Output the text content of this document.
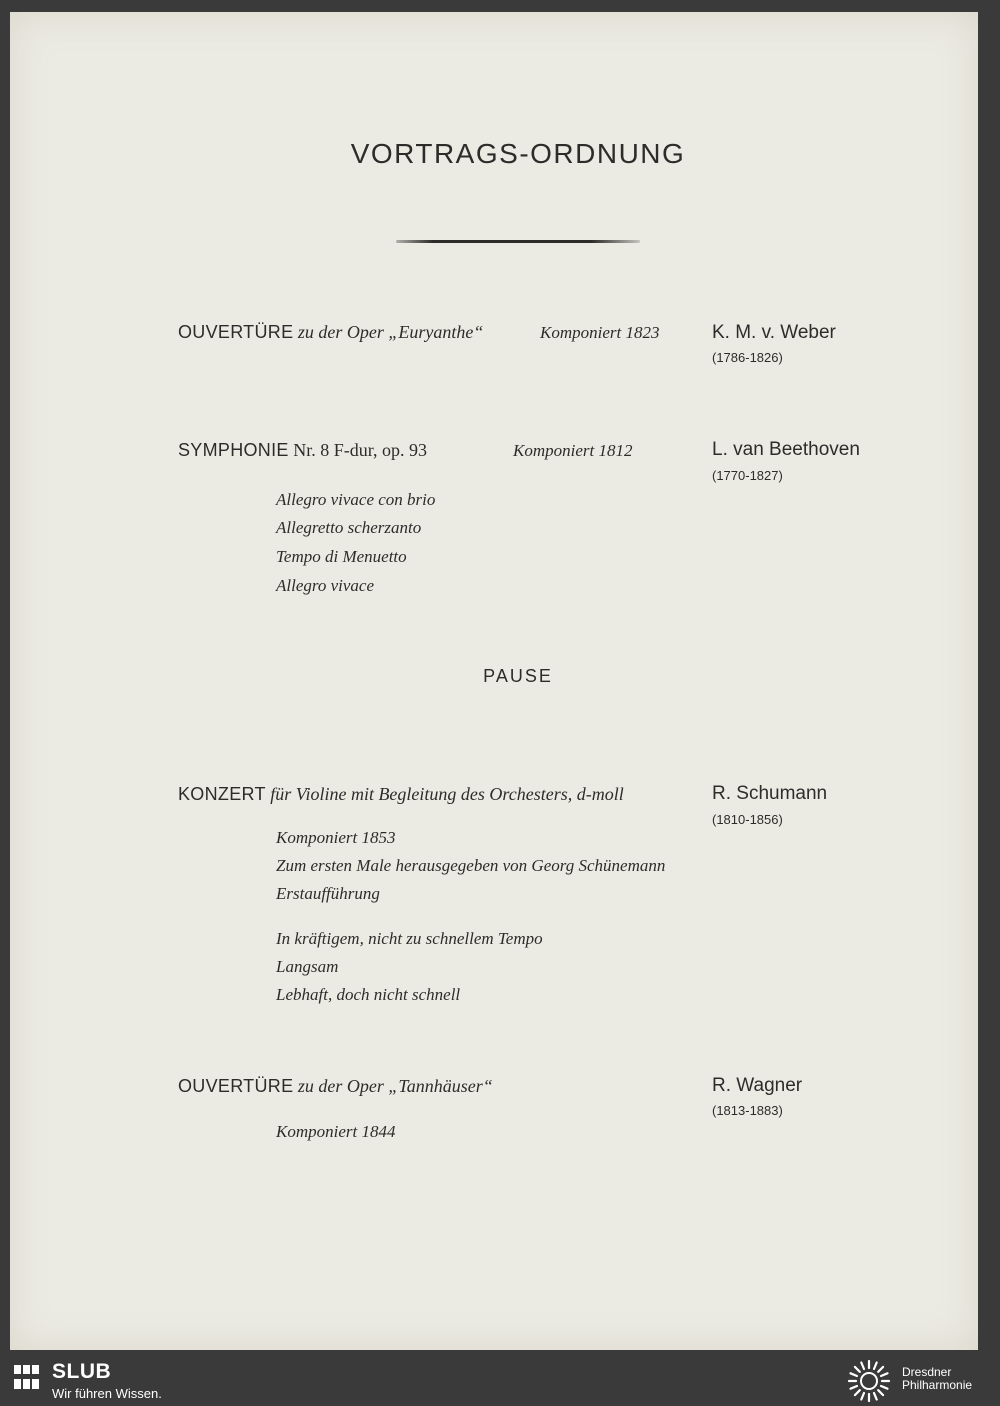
VORTRAGS-ORDNUNG
OUVERTÜRE zu der Oper „Euryanthe“	Komponiert 1823	K. M. v. Weber
(1786-1826)
SYMPHONIE Nr. 8 F-dur, op. 93	Komponiert 1812	L. van Beethoven
(1770-1827)
Allegro vivace con brio
Allegretto scherzanto
Tempo di Menuetto
Allegro vivace
PAUSE
KONZERT für Violine mit Begleitung des Orchesters, d-moll	R. Schumann
(1810-1856)
Komponiert 1853
Zum ersten Male herausgegeben von Georg Schünemann
Erstaufführung
In kräftigem, nicht zu schnellem Tempo
Langsam
Lebhaft, doch nicht schnell
OUVERTÜRE zu der Oper „Tannhäuser“	R. Wagner
(1813-1883)
Komponiert 1844
SLUB
Wir führen Wissen.
Dresdner
Philharmonie
